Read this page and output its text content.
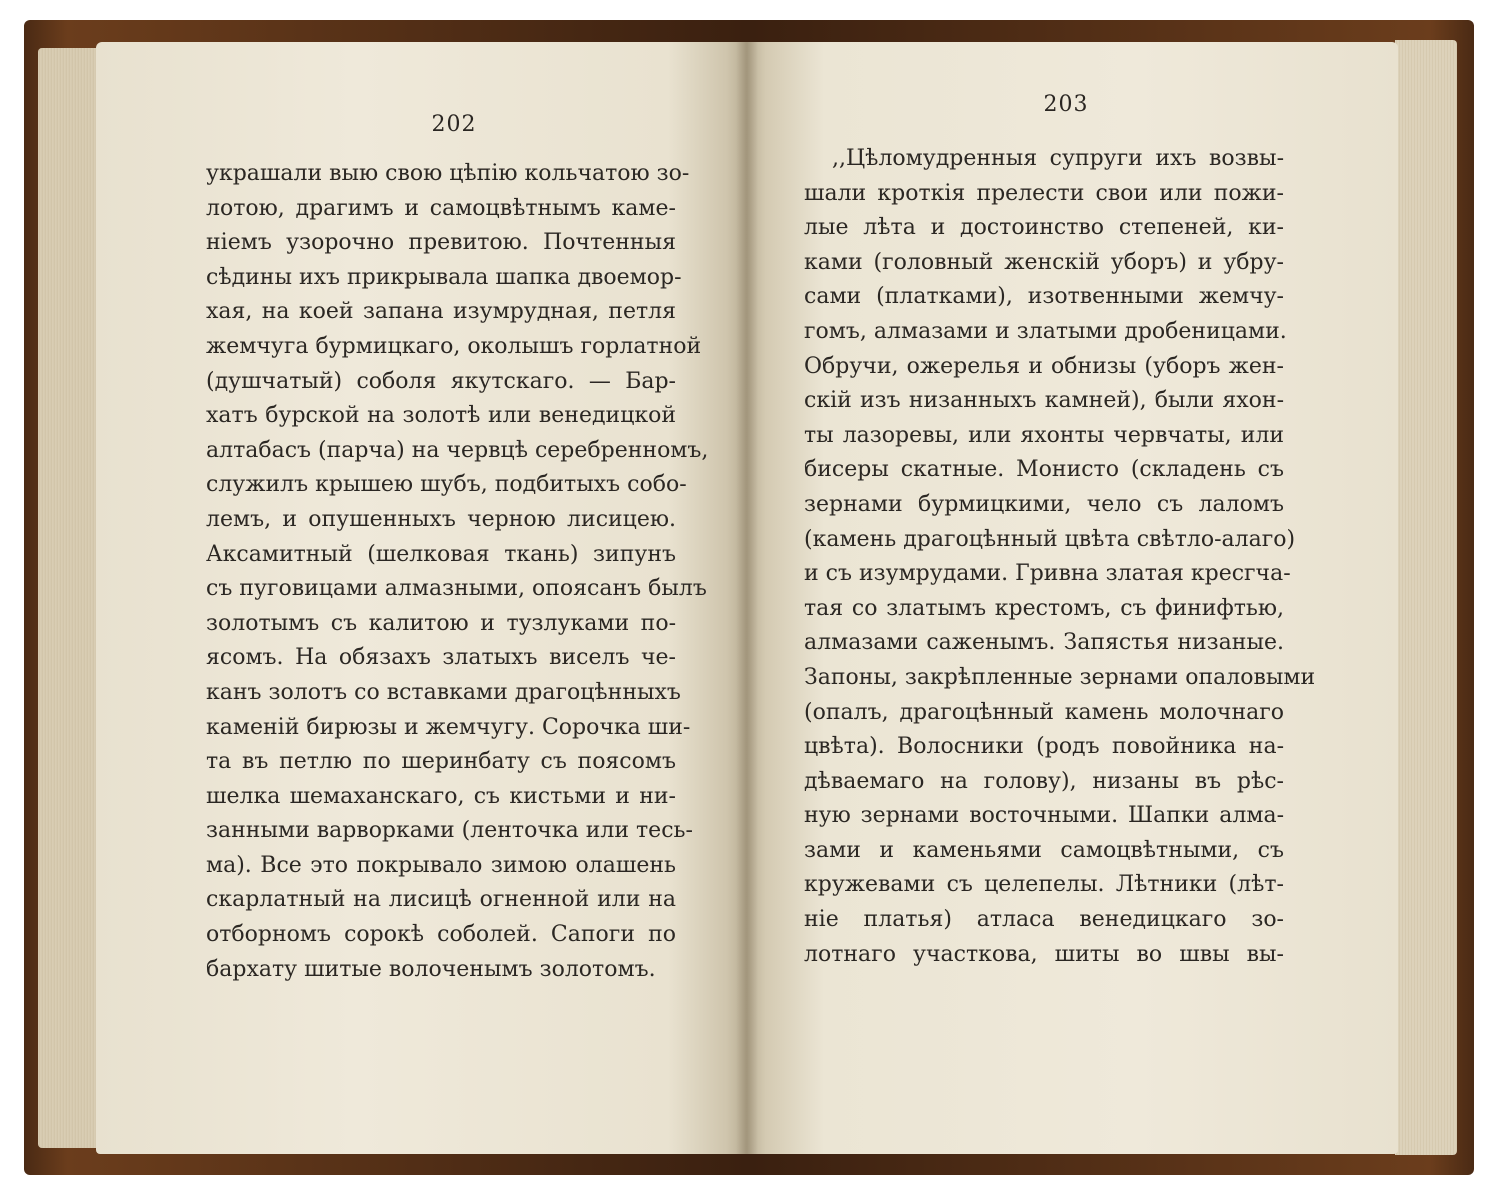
202
украшали выю свою цѣпію кольчатою зо-
лотою, драгимъ и самоцвѣтнымъ каме-
ніемъ узорочно превитою. Почтенныя
сѣдины ихъ прикрывала шапка двоемор-
хая, на коей запана изумрудная, петля
жемчуга бурмицкаго, околышъ горлатной
(душчатый) соболя якутскаго. — Бар-
хатъ бурской на золотѣ или венедицкой
алтабасъ (парча) на червцѣ серебренномъ,
служилъ крышею шубъ, подбитыхъ собо-
лемъ, и опушенныхъ черною лисицею.
Аксамитный (шелковая ткань) зипунъ
съ пуговицами алмазными, опоясанъ былъ
золотымъ съ калитою и тузлуками по-
ясомъ. На обязахъ златыхъ виселъ че-
канъ золотъ со вставками драгоцѣнныхъ
каменій бирюзы и жемчугу. Сорочка ши-
та въ петлю по шеринбату съ поясомъ
шелка шемаханскаго, съ кистьми и ни-
занными варворками (ленточка или тесь-
ма). Все это покрывало зимою олашень
скарлатный на лисицѣ огненной или на
отборномъ сорокѣ соболей. Сапоги по
бархату шитые волоченымъ золотомъ.
203
,,Цѣломудренныя супруги ихъ возвы-
шали кроткія прелести свои или пожи-
лые лѣта и достоинство степеней, ки-
ками (головный женскій уборъ) и убру-
сами (платками), изотвенными жемчу-
гомъ, алмазами и златыми дробеницами.
Обручи, ожерелья и обнизы (уборъ жен-
скій изъ низанныхъ камней), были яхон-
ты лазоревы, или яхонты червчаты, или
бисеры скатные. Монисто (складень съ
зернами бурмицкими, чело съ лаломъ
(камень драгоцѣнный цвѣта свѣтло-алаго)
и съ изумрудами. Гривна златая кресгча-
тая со златымъ крестомъ, съ финифтью,
алмазами саженымъ. Запястья низаные.
Запоны, закрѣпленные зернами опаловыми
(опалъ, драгоцѣнный камень молочнаго
цвѣта). Волосники (родъ повойника на-
дѣваемаго на голову), низаны въ рѣс-
ную зернами восточными. Шапки алма-
зами и каменьями самоцвѣтными, съ
кружевами съ целепелы. Лѣтники (лѣт-
ніе платья) атласа венедицкаго зо-
лотнаго участкова, шиты во швы вы-
